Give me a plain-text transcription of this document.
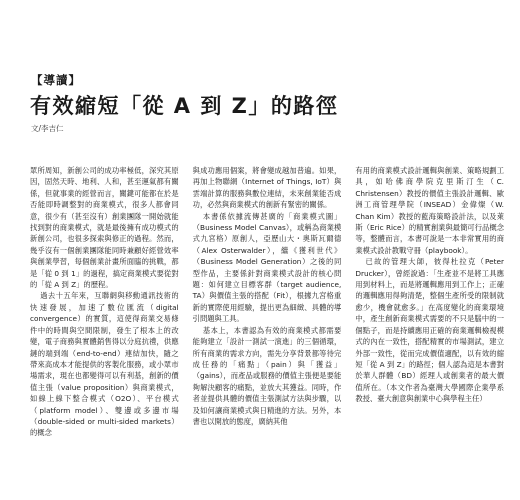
【導讀】
有效縮短「從 A 到 Z」的路徑
文/李吉仁

眾所周知，新創公司的成功率極低，深究其原因，固然天時、地利、人和，甚至運氣都有關係，但就事業的經營而言，關鍵可能都在於是否能即時調整對的商業模式，很多人都會同意，很少有（甚至沒有）創業團隊一開始就能找到對的商業模式，就是最後擁有成功模式的新創公司，也很多探索與修正的過程。然而，幾乎沒有一個創業團隊能同時兼顧好經營效率與創業學習，每個創業計畫所面臨的挑戰，都是「從 0 到 1」的過程，搞定商業模式要從對的「從 A 到 Z」的歷程。

過去十五年來，互聯網與移動通訊技術的快速發展，加速了數位匯流（digital convergence）的實質，這使得商業交易條件中的時間與空間限制，發生了根本上的改變，電子商務與實體銷售得以分庭抗禮，供應鏈的端到端（end-to-end）連結加快，隨之帶來高成本才能提供的客製化服務，或小眾市場需求，現在也都變得可以有利基，創新的價值主張（value proposition）與商業模式，如線上線下整合模式（O2O）、平台模式（platform model）、雙邊或多邊市場（double-sided or multi-sided markets）的概念

與成功應用個案，將會變成越加普遍。如果，再加上物聯網（Internet of Things, IoT）與雲端計算的服務與數位連結，未來創業能否成功，必然與商業模式的創新有緊密的關係。

本書係依據流傳甚廣的「商業模式圖」（Business Model Canvas），或稱為商業模式九宮格）原創人，亞歷山大・奧斯瓦爾德（Alex Osterwalder），繼《獲利世代》（Business Model Generation）之後的同型作品，主要係針對商業模式設計的核心問題：如何建立目標客群（target audience, TA）與價值主張的搭配（Fit），根據九宮格重新的實際使用經驗，提出更為細緻、具體的導引問題與工具。

基本上，本書認為有效的商業模式都需要能夠建立「設計一測試一演進」的三個循環，所有商業的需求方向，需先分享背景都等待完成任務的「痛點」（pain）與「獲益」（gains），而產品或服務的價值主張便是要能夠解決顧客的痛點，並放大其獲益。同時，作者並提供具體的價值主張測試方法與步驟，以及如何讓商業模式與日精進的方法。另外，本書也以開放的態度，廣納其他

有用的商業模式設計邏輯與創業、策略規劃工具，如哈佛商學院克里斯汀生（C. Christensen）教授的價值主張設計邏輯、歐洲工商管理學院（INSEAD）金偉燦（W. Chan Kim）教授的藍海策略設計法，以及萊斯（Eric Rice）的精實創業與最簡可行品概念等，整體而言，本書可說是一本非常實用的商業模式設計教戰守冊（playbook）。

已故的管理大師，彼得杜拉克（Peter Drucker），曾經說過：「生產並不是將工具應用到材料上，而是將邏輯應用到工作上；正確的邏輯應用得夠清楚，整個生產所受的限制就愈少，機會就愈多。」在高度變化的商業環境中，產生創新商業模式需要的不只是腦中的一個點子，而是持續應用正確的商業邏輯檢視模式的內在一致性，搭配精實的市場測試，建立外部一致性，從而完成價值適配，以有效的縮短「從 A 到 Z」的路徑；個人認為這是本書對於華人群體（BD）經理人或創業者的最大價值所在。（本文作者為臺灣大學國際企業學系教授、臺大創意與創業中心與學程主任）
